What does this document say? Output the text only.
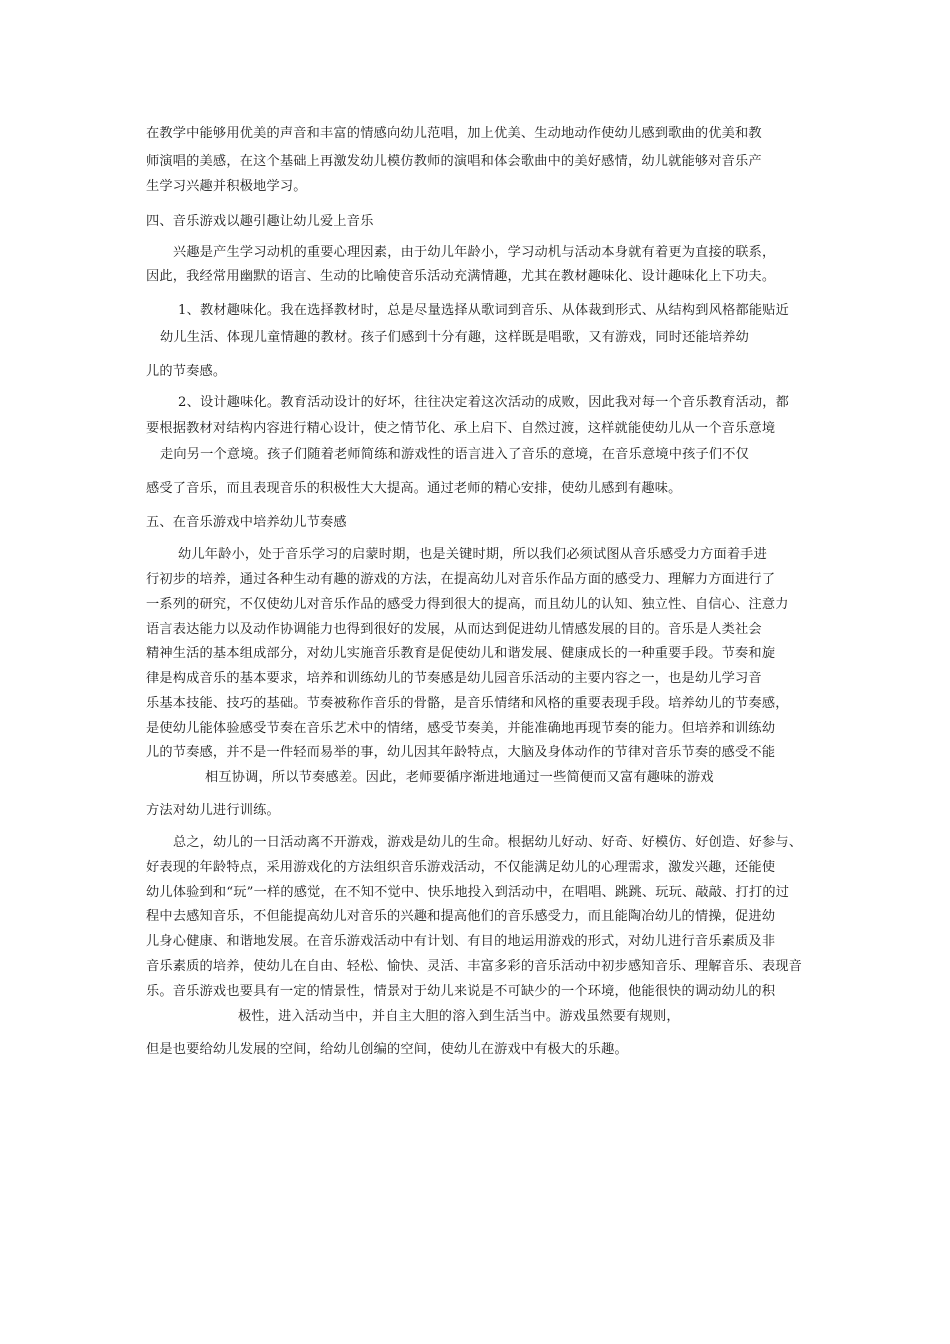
在教学中能够用优美的声音和丰富的情感向幼儿范唱，加上优美、生动地动作使幼儿感到歌曲的优美和教
师演唱的美感，在这个基础上再激发幼儿模仿教师的演唱和体会歌曲中的美好感情，幼儿就能够对音乐产
生学习兴趣并积极地学习。
四、音乐游戏以趣引趣让幼儿爱上音乐
兴趣是产生学习动机的重要心理因素，由于幼儿年龄小，学习动机与活动本身就有着更为直接的联系，
因此，我经常用幽默的语言、生动的比喻使音乐活动充满情趣，尤其在教材趣味化、设计趣味化上下功夫。
1、教材趣味化。我在选择教材时，总是尽量选择从歌词到音乐、从体裁到形式、从结构到风格都能贴近
幼儿生活、体现儿童情趣的教材。孩子们感到十分有趣，这样既是唱歌，又有游戏，同时还能培养幼
儿的节奏感。
2、设计趣味化。教育活动设计的好坏，往往决定着这次活动的成败，因此我对每一个音乐教育活动，都
要根据教材对结构内容进行精心设计，使之情节化、承上启下、自然过渡，这样就能使幼儿从一个音乐意境
走向另一个意境。孩子们随着老师简练和游戏性的语言进入了音乐的意境，在音乐意境中孩子们不仅
感受了音乐，而且表现音乐的积极性大大提高。通过老师的精心安排，使幼儿感到有趣味。
五、在音乐游戏中培养幼儿节奏感
幼儿年龄小，处于音乐学习的启蒙时期，也是关键时期，所以我们必须试图从音乐感受力方面着手进
行初步的培养，通过各种生动有趣的游戏的方法，在提高幼儿对音乐作品方面的感受力、理解力方面进行了
一系列的研究，不仅使幼儿对音乐作品的感受力得到很大的提高，而且幼儿的认知、独立性、自信心、注意力
语言表达能力以及动作协调能力也得到很好的发展，从而达到促进幼儿情感发展的目的。音乐是人类社会
精神生活的基本组成部分，对幼儿实施音乐教育是促使幼儿和谐发展、健康成长的一种重要手段。节奏和旋
律是构成音乐的基本要求，培养和训练幼儿的节奏感是幼儿园音乐活动的主要内容之一，也是幼儿学习音
乐基本技能、技巧的基础。节奏被称作音乐的骨骼，是音乐情绪和风格的重要表现手段。培养幼儿的节奏感，
是使幼儿能体验感受节奏在音乐艺术中的情绪，感受节奏美，并能准确地再现节奏的能力。但培养和训练幼
儿的节奏感，并不是一件轻而易举的事，幼儿因其年龄特点，大脑及身体动作的节律对音乐节奏的感受不能
相互协调，所以节奏感差。因此，老师要循序渐进地通过一些简便而又富有趣味的游戏
方法对幼儿进行训练。
总之，幼儿的一日活动离不开游戏，游戏是幼儿的生命。根据幼儿好动、好奇、好模仿、好创造、好参与、
好表现的年龄特点，采用游戏化的方法组织音乐游戏活动，不仅能满足幼儿的心理需求，激发兴趣，还能使
幼儿体验到和“玩”一样的感觉，在不知不觉中、快乐地投入到活动中，在唱唱、跳跳、玩玩、敲敲、打打的过
程中去感知音乐，不但能提高幼儿对音乐的兴趣和提高他们的音乐感受力，而且能陶冶幼儿的情操，促进幼
儿身心健康、和谐地发展。在音乐游戏活动中有计划、有目的地运用游戏的形式，对幼儿进行音乐素质及非
音乐素质的培养，使幼儿在自由、轻松、愉快、灵活、丰富多彩的音乐活动中初步感知音乐、理解音乐、表现音
乐。音乐游戏也要具有一定的情景性，情景对于幼儿来说是不可缺少的一个环境，他能很快的调动幼儿的积
极性，进入活动当中，并自主大胆的溶入到生活当中。游戏虽然要有规则，
但是也要给幼儿发展的空间，给幼儿创编的空间，使幼儿在游戏中有极大的乐趣。
